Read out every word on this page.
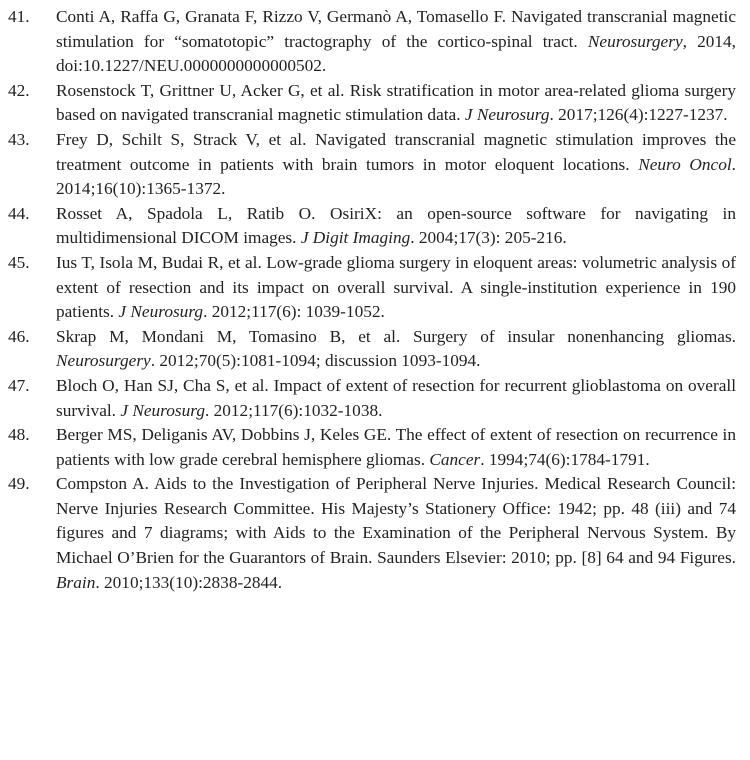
41.	Conti A, Raffa G, Granata F, Rizzo V, Germanò A, Tomasello F. Navigated transcranial magnetic stimulation for “somatotopic” tractography of the cortico-spinal tract. Neurosurgery, 2014, doi:10.1227/NEU.0000000000000502.
42.	Rosenstock T, Grittner U, Acker G, et al. Risk stratification in motor area-related glioma surgery based on navigated transcranial magnetic stimulation data. J Neurosurg. 2017;126(4):1227-1237.
43.	Frey D, Schilt S, Strack V, et al. Navigated transcranial magnetic stimulation improves the treatment outcome in patients with brain tumors in motor eloquent locations. Neuro Oncol. 2014;16(10):1365-1372.
44.	Rosset A, Spadola L, Ratib O. OsiriX: an open-source software for navigating in multidimensional DICOM images. J Digit Imaging. 2004;17(3): 205-216.
45.	Ius T, Isola M, Budai R, et al. Low-grade glioma surgery in eloquent areas: volumetric analysis of extent of resection and its impact on overall survival. A single-institution experience in 190 patients. J Neurosurg. 2012;117(6): 1039-1052.
46.	Skrap M, Mondani M, Tomasino B, et al. Surgery of insular nonenhancing gliomas. Neurosurgery. 2012;70(5):1081-1094; discussion 1093-1094.
47.	Bloch O, Han SJ, Cha S, et al. Impact of extent of resection for recurrent glioblastoma on overall survival. J Neurosurg. 2012;117(6):1032-1038.
48.	Berger MS, Deliganis AV, Dobbins J, Keles GE. The effect of extent of resection on recurrence in patients with low grade cerebral hemisphere gliomas. Cancer. 1994;74(6):1784-1791.
49.	Compston A. Aids to the Investigation of Peripheral Nerve Injuries. Medical Research Council: Nerve Injuries Research Committee. His Majesty’s Stationery Office: 1942; pp. 48 (iii) and 74 figures and 7 diagrams; with Aids to the Examination of the Peripheral Nervous System. By Michael O’Brien for the Guarantors of Brain. Saunders Elsevier: 2010; pp. [8] 64 and 94 Figures. Brain. 2010;133(10):2838-2844.
